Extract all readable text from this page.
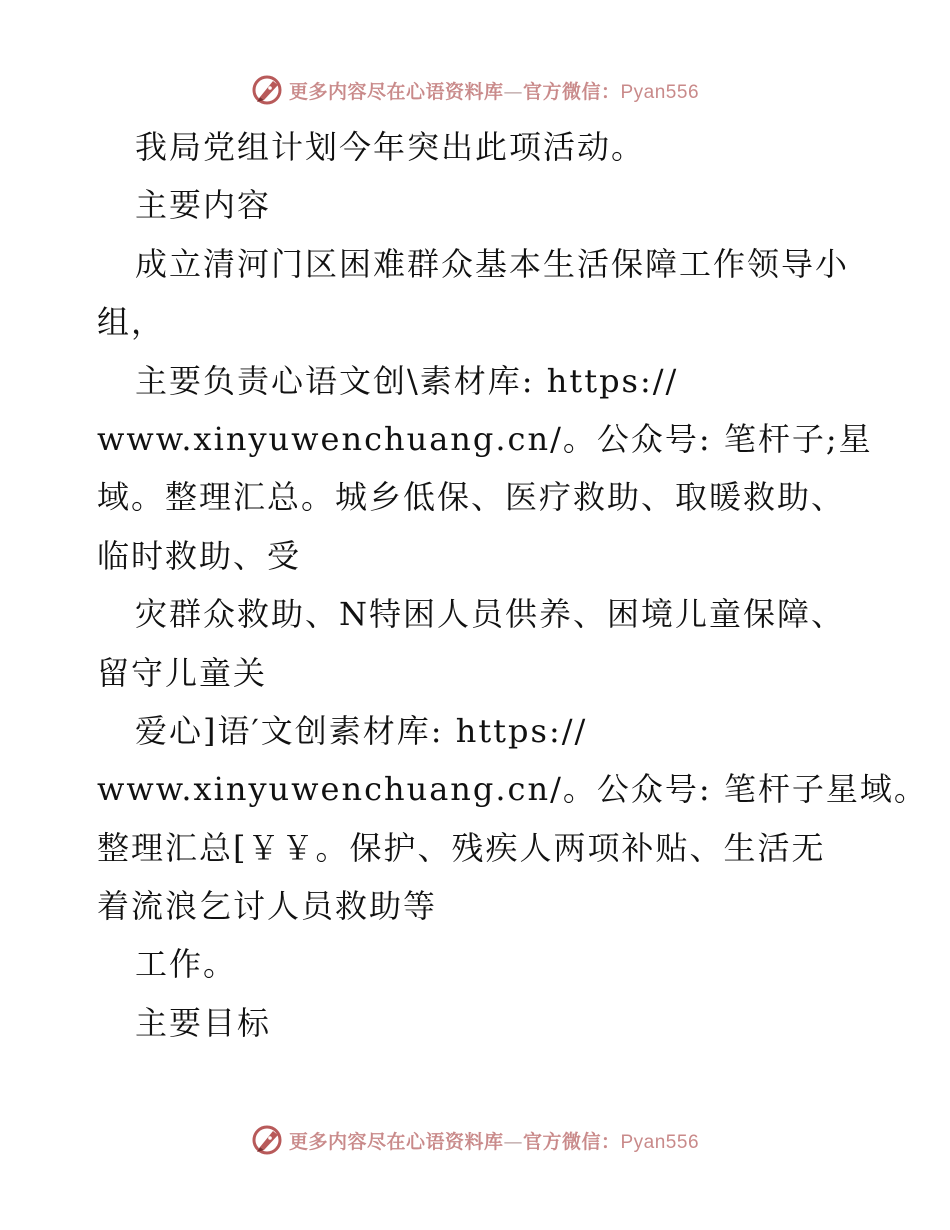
更多内容尽在心语资料库—官方微信：Pyan556
我局党组计划今年突出此项活动。
主要内容
成立清河门区困难群众基本生活保障工作领导小
组，
主要负责心语文创\素材库: https://
www.xinyuwenchuang.cn/。公众号: 笔杆子;星
域。整理汇总。城乡低保、医疗救助、取暖救助、
临时救助、受
灾群众救助、N特困人员供养、困境儿童保障、
留守儿童关
爱心]语′文创素材库: https://
www.xinyuwenchuang.cn/。公众号: 笔杆子星域。
整理汇总[￥￥。保护、残疾人两项补贴、生活无
着流浪乞讨人员救助等
工作。
主要目标
更多内容尽在心语资料库—官方微信：Pyan556
